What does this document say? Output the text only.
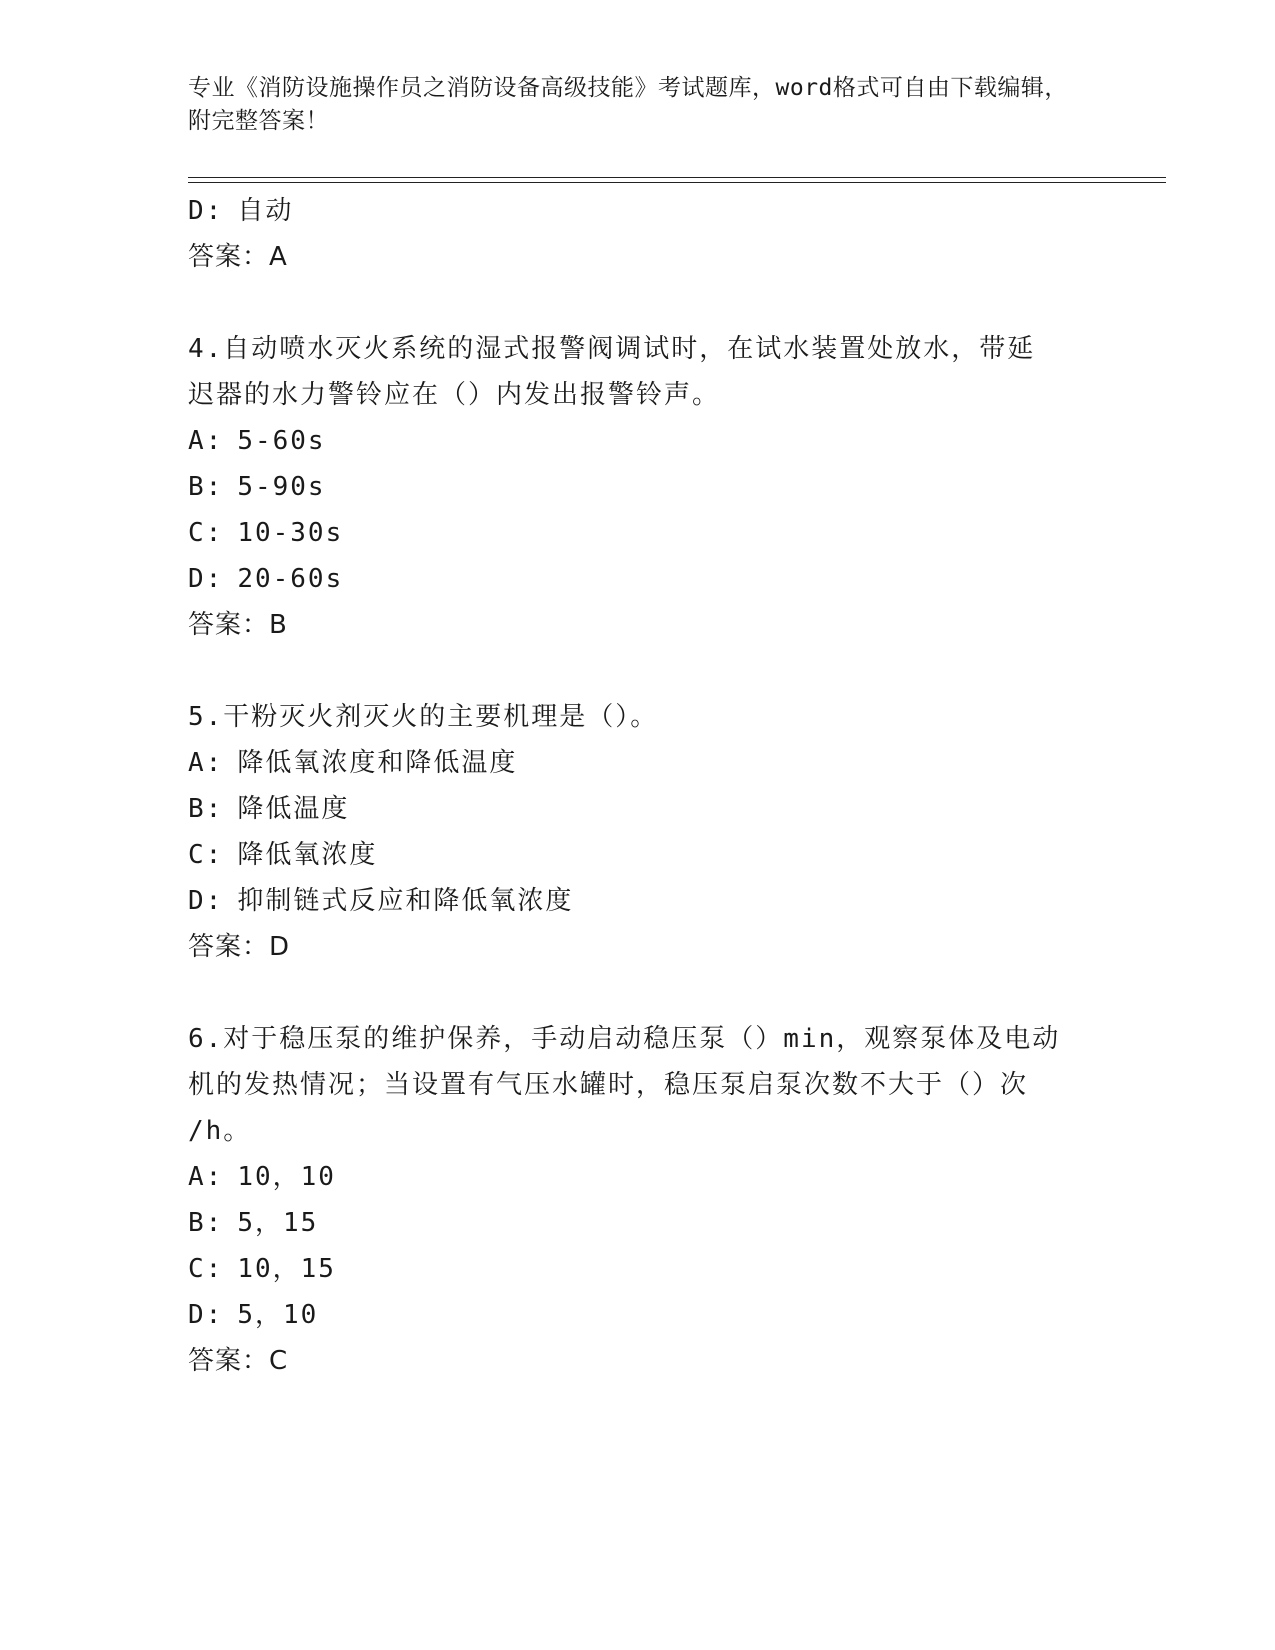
专业《消防设施操作员之消防设备高级技能》考试题库，word格式可自由下载编辑，附完整答案！
D: 自动
答案：A
4.自动喷水灭火系统的湿式报警阀调试时，在试水装置处放水，带延
迟器的水力警铃应在（）内发出报警铃声。
A: 5-60s
B: 5-90s
C: 10-30s
D: 20-60s
答案：B
5.干粉灭火剂灭火的主要机理是（）。
A: 降低氧浓度和降低温度
B: 降低温度
C: 降低氧浓度
D: 抑制链式反应和降低氧浓度
答案：D
6.对于稳压泵的维护保养，手动启动稳压泵（）min，观察泵体及电动
机的发热情况；当设置有气压水罐时，稳压泵启泵次数不大于（）次
/h。
A: 10，10
B: 5，15
C: 10，15
D: 5，10
答案：C
